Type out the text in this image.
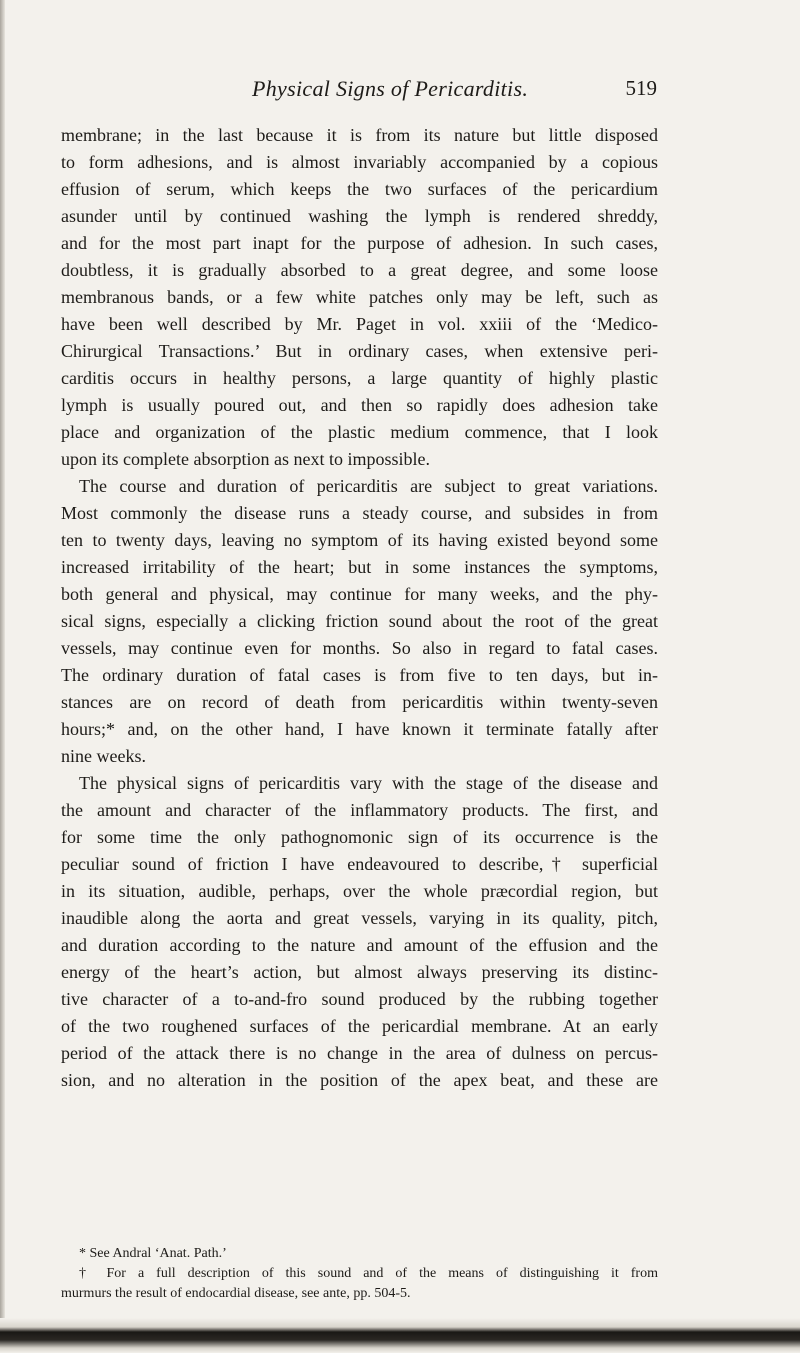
Physical Signs of Pericarditis.	519

membrane; in the last because it is from its nature but little disposed
to form adhesions, and is almost invariably accompanied by a copious
effusion of serum, which keeps the two surfaces of the pericardium
asunder until by continued washing the lymph is rendered shreddy,
and for the most part inapt for the purpose of adhesion. In such cases,
doubtless, it is gradually absorbed to a great degree, and some loose
membranous bands, or a few white patches only may be left, such as
have been well described by Mr. Paget in vol. xxiii of the ‘Medico-
Chirurgical Transactions.’ But in ordinary cases, when extensive peri-
carditis occurs in healthy persons, a large quantity of highly plastic
lymph is usually poured out, and then so rapidly does adhesion take
place and organization of the plastic medium commence, that I look
upon its complete absorption as next to impossible.

The course and duration of pericarditis are subject to great variations.
Most commonly the disease runs a steady course, and subsides in from
ten to twenty days, leaving no symptom of its having existed beyond some
increased irritability of the heart; but in some instances the symptoms,
both general and physical, may continue for many weeks, and the phy-
sical signs, especially a clicking friction sound about the root of the great
vessels, may continue even for months. So also in regard to fatal cases.
The ordinary duration of fatal cases is from five to ten days, but in-
stances are on record of death from pericarditis within twenty-seven
hours;* and, on the other hand, I have known it terminate fatally after
nine weeks.

The physical signs of pericarditis vary with the stage of the disease and
the amount and character of the inflammatory products. The first, and
for some time the only pathognomonic sign of its occurrence is the
peculiar sound of friction I have endeavoured to describe,† superficial
in its situation, audible, perhaps, over the whole præcordial region, but
inaudible along the aorta and great vessels, varying in its quality, pitch,
and duration according to the nature and amount of the effusion and the
energy of the heart’s action, but almost always preserving its distinc-
tive character of a to-and-fro sound produced by the rubbing together
of the two roughened surfaces of the pericardial membrane. At an early
period of the attack there is no change in the area of dulness on percus-
sion, and no alteration in the position of the apex beat, and these are

* See Andral ‘Anat. Path.’
† For a full description of this sound and of the means of distinguishing it from
murmurs the result of endocardial disease, see ante, pp. 504-5.
